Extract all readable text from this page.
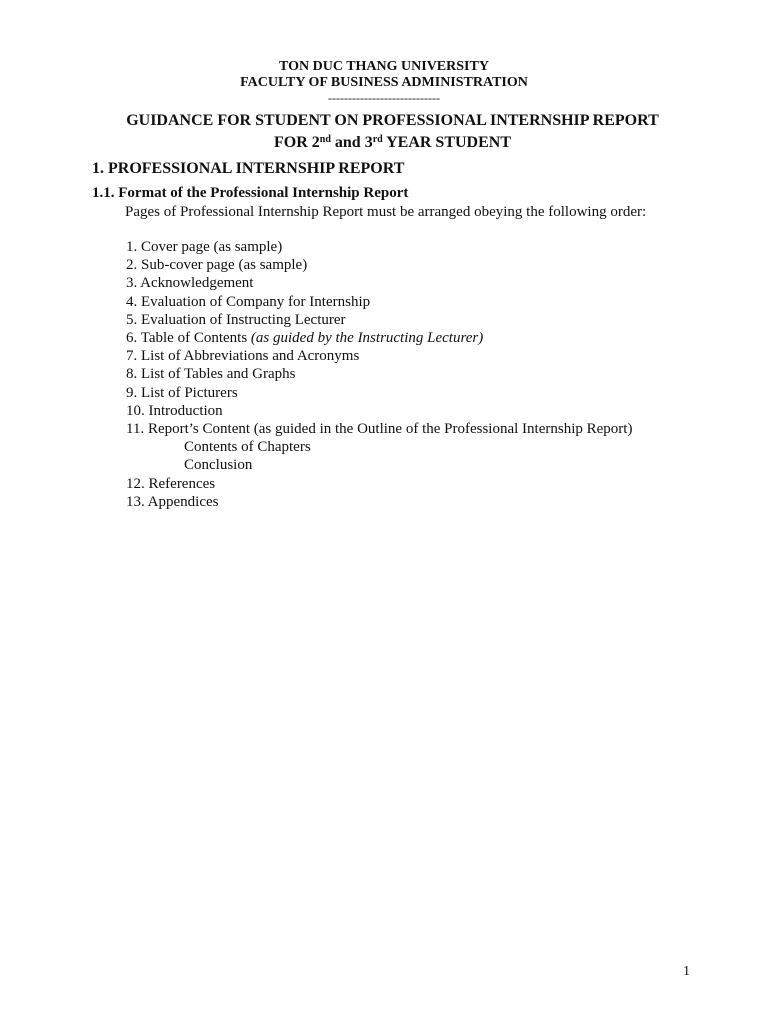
TON DUC THANG UNIVERSITY
FACULTY OF BUSINESS ADMINISTRATION
----------------------------
GUIDANCE FOR STUDENT ON PROFESSIONAL INTERNSHIP REPORT
FOR 2nd and 3rd YEAR STUDENT
1. PROFESSIONAL INTERNSHIP REPORT
1.1. Format of the Professional Internship Report
Pages of Professional Internship Report must be arranged obeying the following order:
1. Cover page (as sample)
2. Sub-cover page (as sample)
3. Acknowledgement
4. Evaluation of Company for Internship
5. Evaluation of Instructing Lecturer
6. Table of Contents (as guided by the Instructing Lecturer)
7. List of Abbreviations and Acronyms
8. List of Tables and Graphs
9. List of Picturers
10. Introduction
11. Report’s Content (as guided in the Outline of the Professional Internship Report)
Contents of Chapters
Conclusion
12. References
13. Appendices
1
